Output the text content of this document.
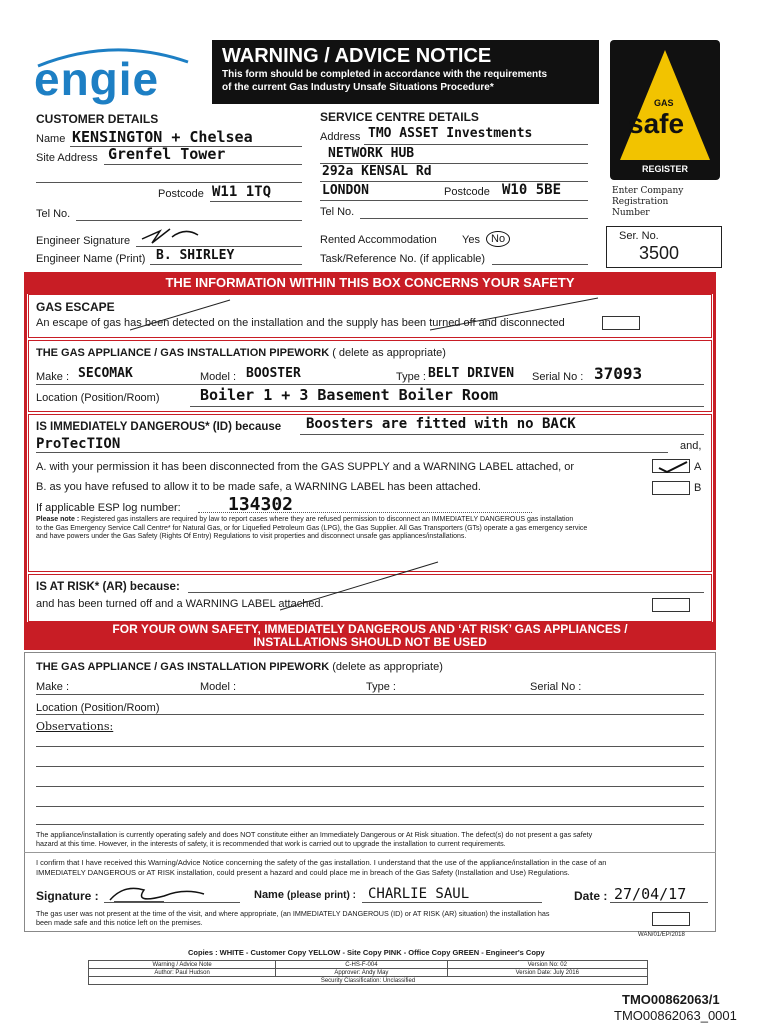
engie	WARNING / ADVICE NOTICE
This form should be completed in accordance with the requirements
of the current Gas Industry Unsafe Situations Procedure*
GAS
safe
REGISTER
CUSTOMER DETAILS
Name KENSINGTON + Chelsea
Site Address Grenfel Tower
Postcode W11 1TQ
Tel No.
SERVICE CENTRE DETAILS
Address TMO ASSET Investments
NETWORK HUB
292a KENSAL Rd
LONDON	Postcode W10 5BE
Tel No.
Enter Company
Registration
Number
Ser. No.
3500
Engineer Signature
Engineer Name (Print) B. SHIRLEY
Rented Accommodation Yes	No
Task/Reference No. (if applicable)
THE INFORMATION WITHIN THIS BOX CONCERNS YOUR SAFETY
GAS ESCAPE
An escape of gas has been detected on the installation and the supply has been turned off and disconnected
THE GAS APPLIANCE / GAS INSTALLATION PIPEWORK ( delete as appropriate)
Make : SECOMAK	Model : BOOSTER	Type : BELT DRIVEN Serial No : 37093
Location (Position/Room)	Boiler 1 + 3 Basement Boiler Room
IS IMMEDIATELY DANGEROUS* (ID) because Boosters are fitted with no BACK
ProTecTION	and,
A. with your permission it has been disconnected from the GAS SUPPLY and a WARNING LABEL attached, or	A
B. as you have refused to allow it to be made safe, a WARNING LABEL has been attached.	B
If applicable ESP log number:	134302
Please note : Registered gas installers are required by law to report cases where they are refused permission to disconnect an IMMEDIATELY DANGEROUS gas installation
to the Gas Emergency Service Call Centre* for Natural Gas, or for Liquefied Petroleum Gas (LPG), the Gas Supplier. All Gas Transporters (GTs) operate a gas emergency service
and have powers under the Gas Safety (Rights Of Entry) Regulations to visit properties and disconnect unsafe gas appliances/installations.
IS AT RISK* (AR) because:
and has been turned off and a WARNING LABEL attached.
FOR YOUR OWN SAFETY, IMMEDIATELY DANGEROUS AND ‘AT RISK’ GAS APPLIANCES /
INSTALLATIONS SHOULD NOT BE USED
THE GAS APPLIANCE / GAS INSTALLATION PIPEWORK (delete as appropriate)
Make :	Model :	Type :	Serial No :
Location (Position/Room)
Observations:
The appliance/installation is currently operating safely and does NOT constitute either an Immediately Dangerous or At Risk situation. The defect(s) do not present a gas safety
hazard at this time. However, in the interests of safety, it is recommended that work is carried out to upgrade the installation to current requirements.
I confirm that I have received this Warning/Advice Notice concerning the safety of the gas installation. I understand that the use of the appliance/installation in the case of an
IMMEDIATELY DANGEROUS or AT RISK installation, could present a hazard and could place me in breach of the Gas Safety (Installation and Use) Regulations.
Signature :	Name (please print) : CHARLIE SAUL	Date : 27/04/17
The gas user was not present at the time of the visit, and where appropriate, (an IMMEDIATELY DANGEROUS (ID) or AT RISK (AR) situation) the installation has
been made safe and this notice left on the premises.
WAN/01/EP/2018
Copies : WHITE - Customer Copy YELLOW - Site Copy PINK - Office Copy GREEN - Engineer's Copy
Warning / Advice Note	C-HS-F-004	Version No: 02
Author: Paul Hudson	Approver: Andy May	Version Date: July 2016
Security Classification: Unclassified		
TMO00862063/1
TMO00862063_0001
